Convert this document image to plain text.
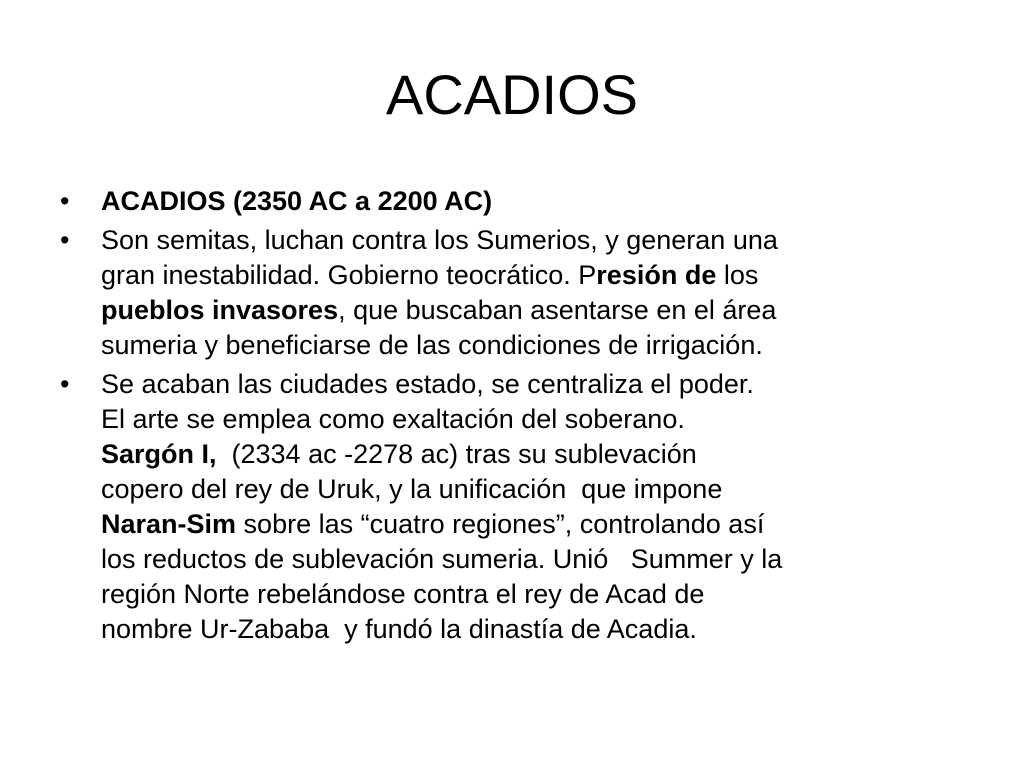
ACADIOS
• ACADIOS (2350 AC a 2200 AC)
• Son semitas, luchan contra los Sumerios, y generan una
gran inestabilidad. Gobierno teocrático. Presión de los
pueblos invasores, que buscaban asentarse en el área
sumeria y beneficiarse de las condiciones de irrigación.
• Se acaban las ciudades estado, se centraliza el poder.
El arte se emplea como exaltación del soberano.
Sargón I,  (2334 ac -2278 ac) tras su sublevación
copero del rey de Uruk, y la unificación  que impone
Naran-Sim sobre las “cuatro regiones”, controlando así
los reductos de sublevación sumeria. Unió   Summer y la
región Norte rebelándose contra el rey de Acad de
nombre Ur-Zababa  y fundó la dinastía de Acadia.
